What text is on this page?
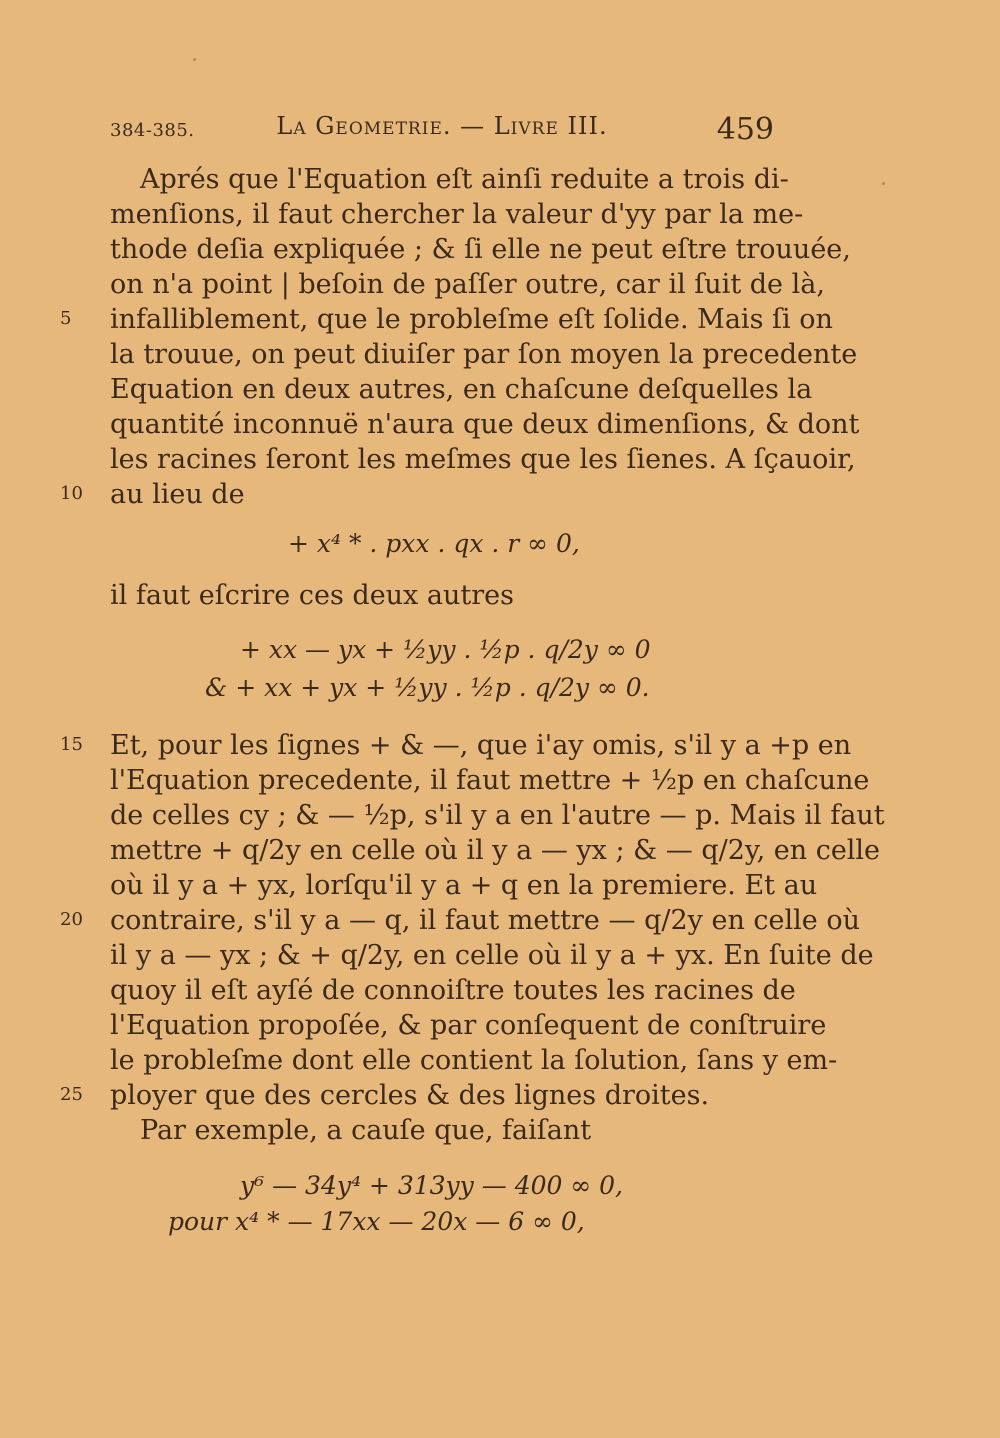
384-385.	La Geometrie. — Livre III.	459
Aprés que l'Equation eſt ainſi reduite a trois di-
menſions, il faut chercher la valeur d'yy par la me-
thode deſia expliquée ; & ſi elle ne peut eſtre trouuée,
on n'a point | beſoin de paſſer outre, car il ſuit de là,
infalliblement, que le probleſme eſt ſolide. Mais ſi on
la trouue, on peut diuiſer par ſon moyen la precedente
Equation en deux autres, en chaſcune deſquelles la
quantité inconnuë n'aura que deux dimenſions, & dont
les racines ſeront les meſmes que les ſienes. A ſçauoir,
au lieu de
+ x⁴ * . pxx . qx . r ∞ 0,
il faut eſcrire ces deux autres
+ xx — yx + ½yy . ½p . q/2y ∞ 0
& + xx + yx + ½yy . ½p . q/2y ∞ 0.
Et, pour les ſignes + & —, que i'ay omis, s'il y a +p en
l'Equation precedente, il faut mettre + ½p en chaſcune
de celles cy ; & — ½p, s'il y a en l'autre — p. Mais il faut
mettre + q/2y en celle où il y a — yx ; & — q/2y, en celle
où il y a + yx, lorſqu'il y a + q en la premiere. Et au
contraire, s'il y a — q, il faut mettre — q/2y en celle où
il y a — yx ; & + q/2y, en celle où il y a + yx. En ſuite de
quoy il eſt ayſé de connoiſtre toutes les racines de
l'Equation propoſée, & par conſequent de conſtruire
le probleſme dont elle contient la ſolution, ſans y em-
ployer que des cercles & des lignes droites.
Par exemple, a cauſe que, faiſant
y⁶ — 34y⁴ + 313yy — 400 ∞ 0,
pour x⁴ * — 17xx — 20x — 6 ∞ 0,
5
10
15
20
25
